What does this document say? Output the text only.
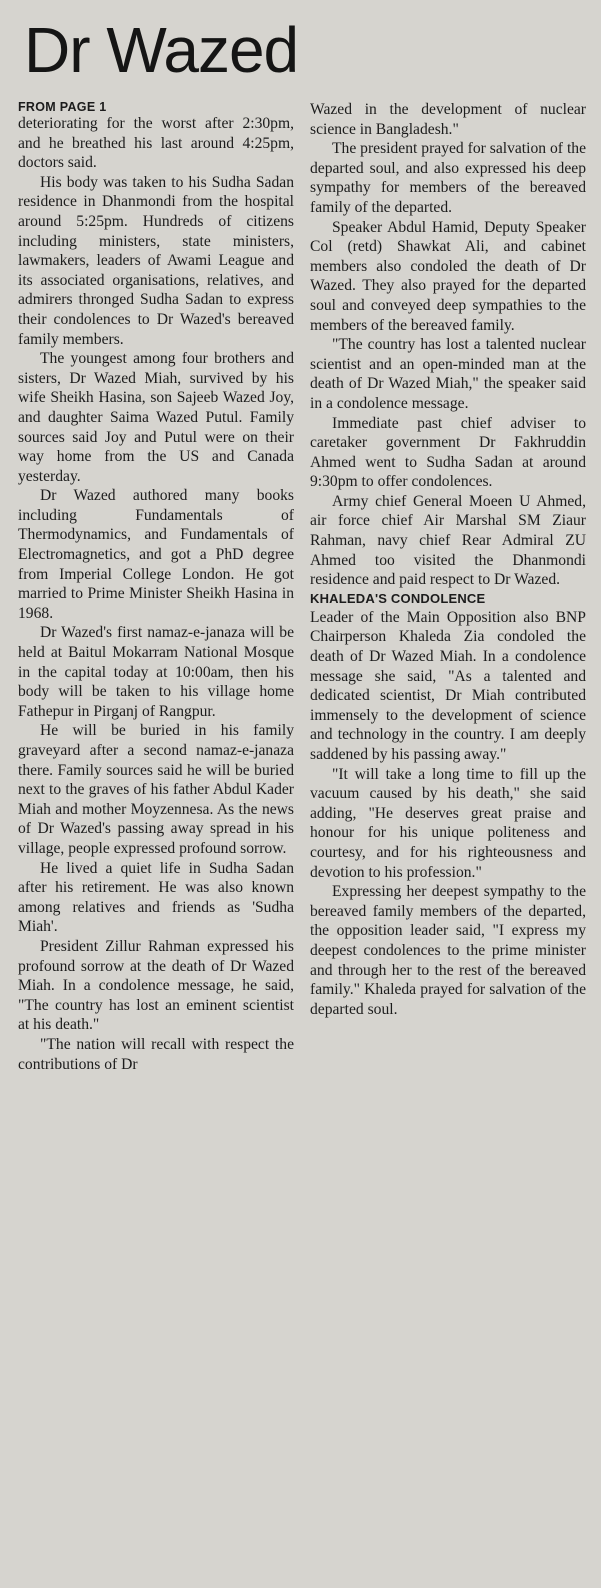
Dr Wazed
FROM PAGE 1

deteriorating for the worst after 2:30pm, and he breathed his last around 4:25pm, doctors said.

His body was taken to his Sudha Sadan residence in Dhanmondi from the hospital around 5:25pm. Hundreds of citizens including ministers, state ministers, lawmakers, leaders of Awami League and its associated organisations, relatives, and admirers thronged Sudha Sadan to express their condolences to Dr Wazed's bereaved family members.

The youngest among four brothers and sisters, Dr Wazed Miah, survived by his wife Sheikh Hasina, son Sajeeb Wazed Joy, and daughter Saima Wazed Putul. Family sources said Joy and Putul were on their way home from the US and Canada yesterday.

Dr Wazed authored many books including Fundamentals of Thermodynamics, and Fundamentals of Electromagnetics, and got a PhD degree from Imperial College London. He got married to Prime Minister Sheikh Hasina in 1968.

Dr Wazed's first namaz-e-janaza will be held at Baitul Mokarram National Mosque in the capital today at 10:00am, then his body will be taken to his village home Fathepur in Pirganj of Rangpur.

He will be buried in his family graveyard after a second namaz-e-janaza there. Family sources said he will be buried next to the graves of his father Abdul Kader Miah and mother Moyzennesa. As the news of Dr Wazed's passing away spread in his village, people expressed profound sorrow.

He lived a quiet life in Sudha Sadan after his retirement. He was also known among relatives and friends as 'Sudha Miah'.

President Zillur Rahman expressed his profound sorrow at the death of Dr Wazed Miah. In a condolence message, he said, "The country has lost an eminent scientist at his death."

"The nation will recall with respect the contributions of Dr

Wazed in the development of nuclear science in Bangladesh."

The president prayed for salvation of the departed soul, and also expressed his deep sympathy for members of the bereaved family of the departed.

Speaker Abdul Hamid, Deputy Speaker Col (retd) Shawkat Ali, and cabinet members also condoled the death of Dr Wazed. They also prayed for the departed soul and conveyed deep sympathies to the members of the bereaved family.

"The country has lost a talented nuclear scientist and an open-minded man at the death of Dr Wazed Miah," the speaker said in a condolence message.

Immediate past chief adviser to caretaker government Dr Fakhruddin Ahmed went to Sudha Sadan at around 9:30pm to offer condolences.

Army chief General Moeen U Ahmed, air force chief Air Marshal SM Ziaur Rahman, navy chief Rear Admiral ZU Ahmed too visited the Dhanmondi residence and paid respect to Dr Wazed.

KHALEDA'S CONDOLENCE

Leader of the Main Opposition also BNP Chairperson Khaleda Zia condoled the death of Dr Wazed Miah. In a condolence message she said, "As a talented and dedicated scientist, Dr Miah contributed immensely to the development of science and technology in the country. I am deeply saddened by his passing away."

"It will take a long time to fill up the vacuum caused by his death," she said adding, "He deserves great praise and honour for his unique politeness and courtesy, and for his righteousness and devotion to his profession."

Expressing her deepest sympathy to the bereaved family members of the departed, the opposition leader said, "I express my deepest condolences to the prime minister and through her to the rest of the bereaved family." Khaleda prayed for salvation of the departed soul.
